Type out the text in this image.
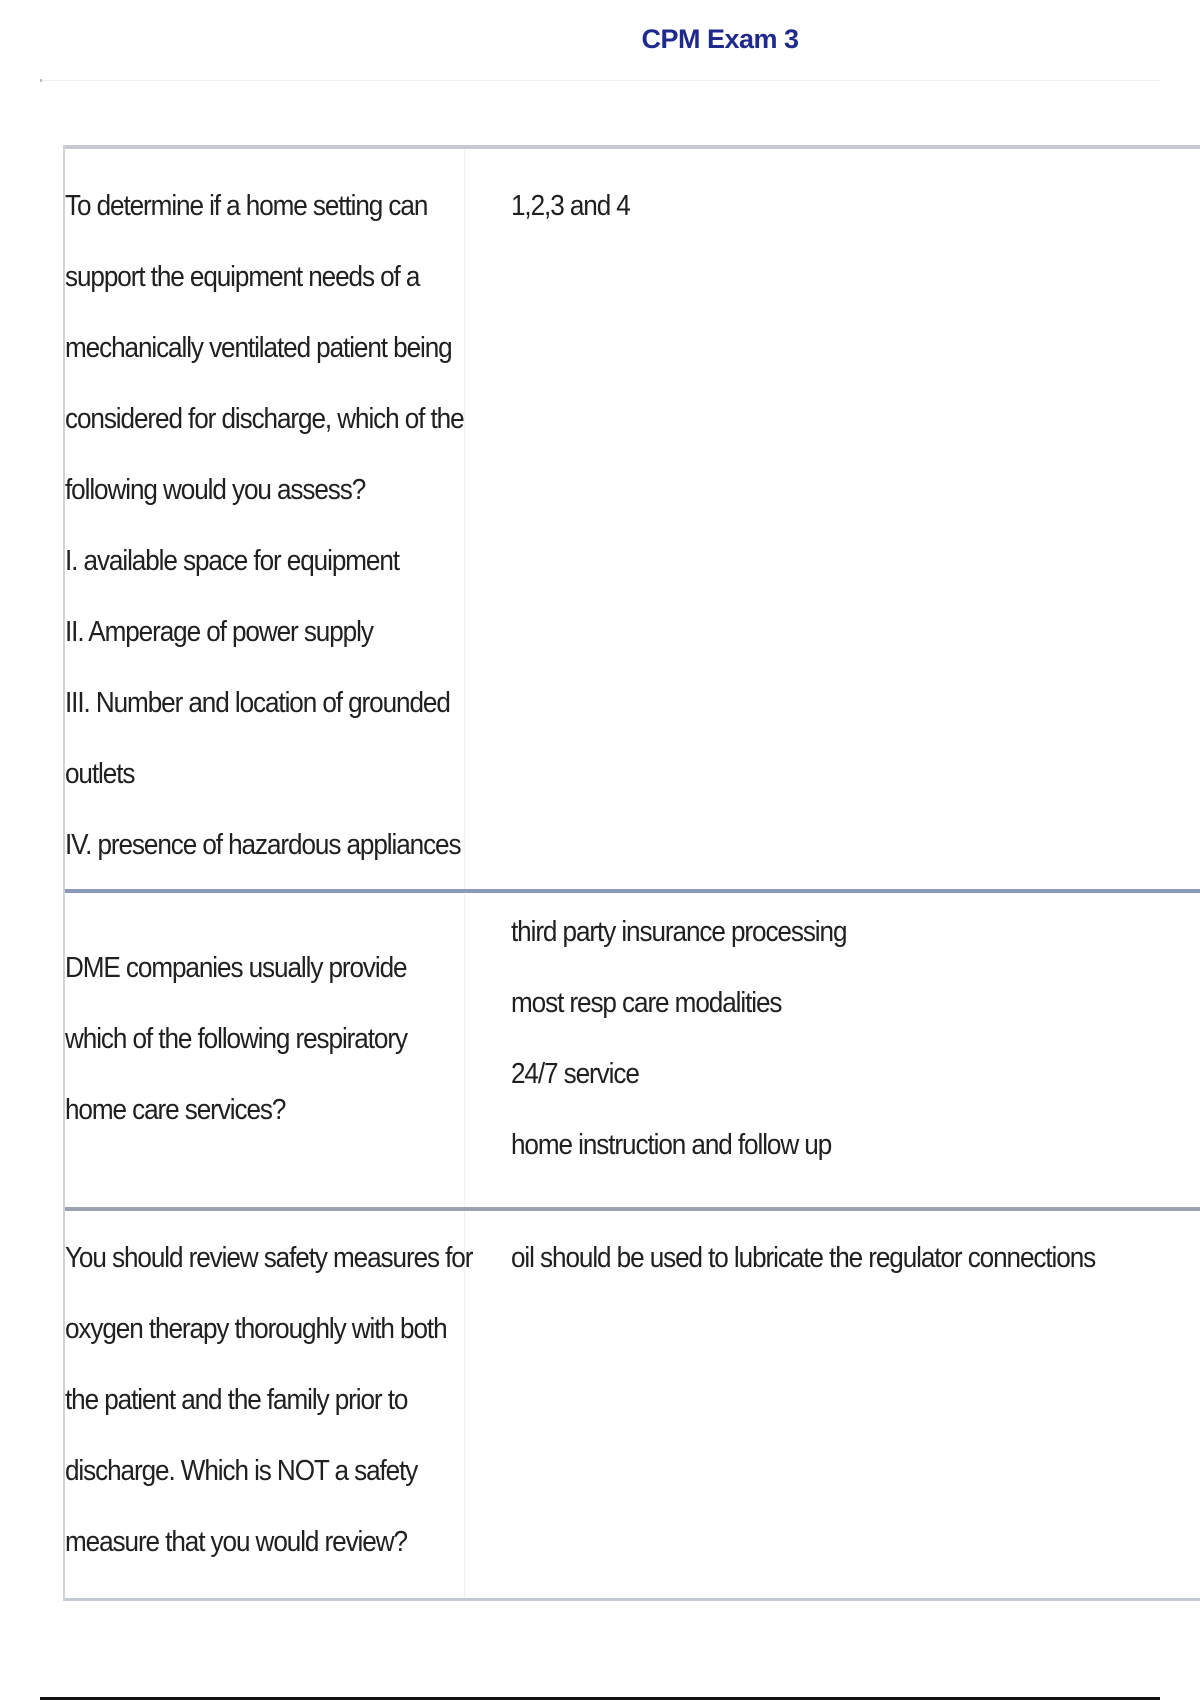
CPM Exam 3
To determine if a home setting can
support the equipment needs of a
mechanically ventilated patient being
considered for discharge, which of the
following would you assess?
I. available space for equipment
II. Amperage of power supply
III. Number and location of grounded
outlets
IV. presence of hazardous appliances
1,2,3 and 4
DME companies usually provide
which of the following respiratory
home care services?
third party insurance processing
most resp care modalities
24/7 service
home instruction and follow up
You should review safety measures for
oxygen therapy thoroughly with both
the patient and the family prior to
discharge. Which is NOT a safety
measure that you would review?
oil should be used to lubricate the regulator connections
